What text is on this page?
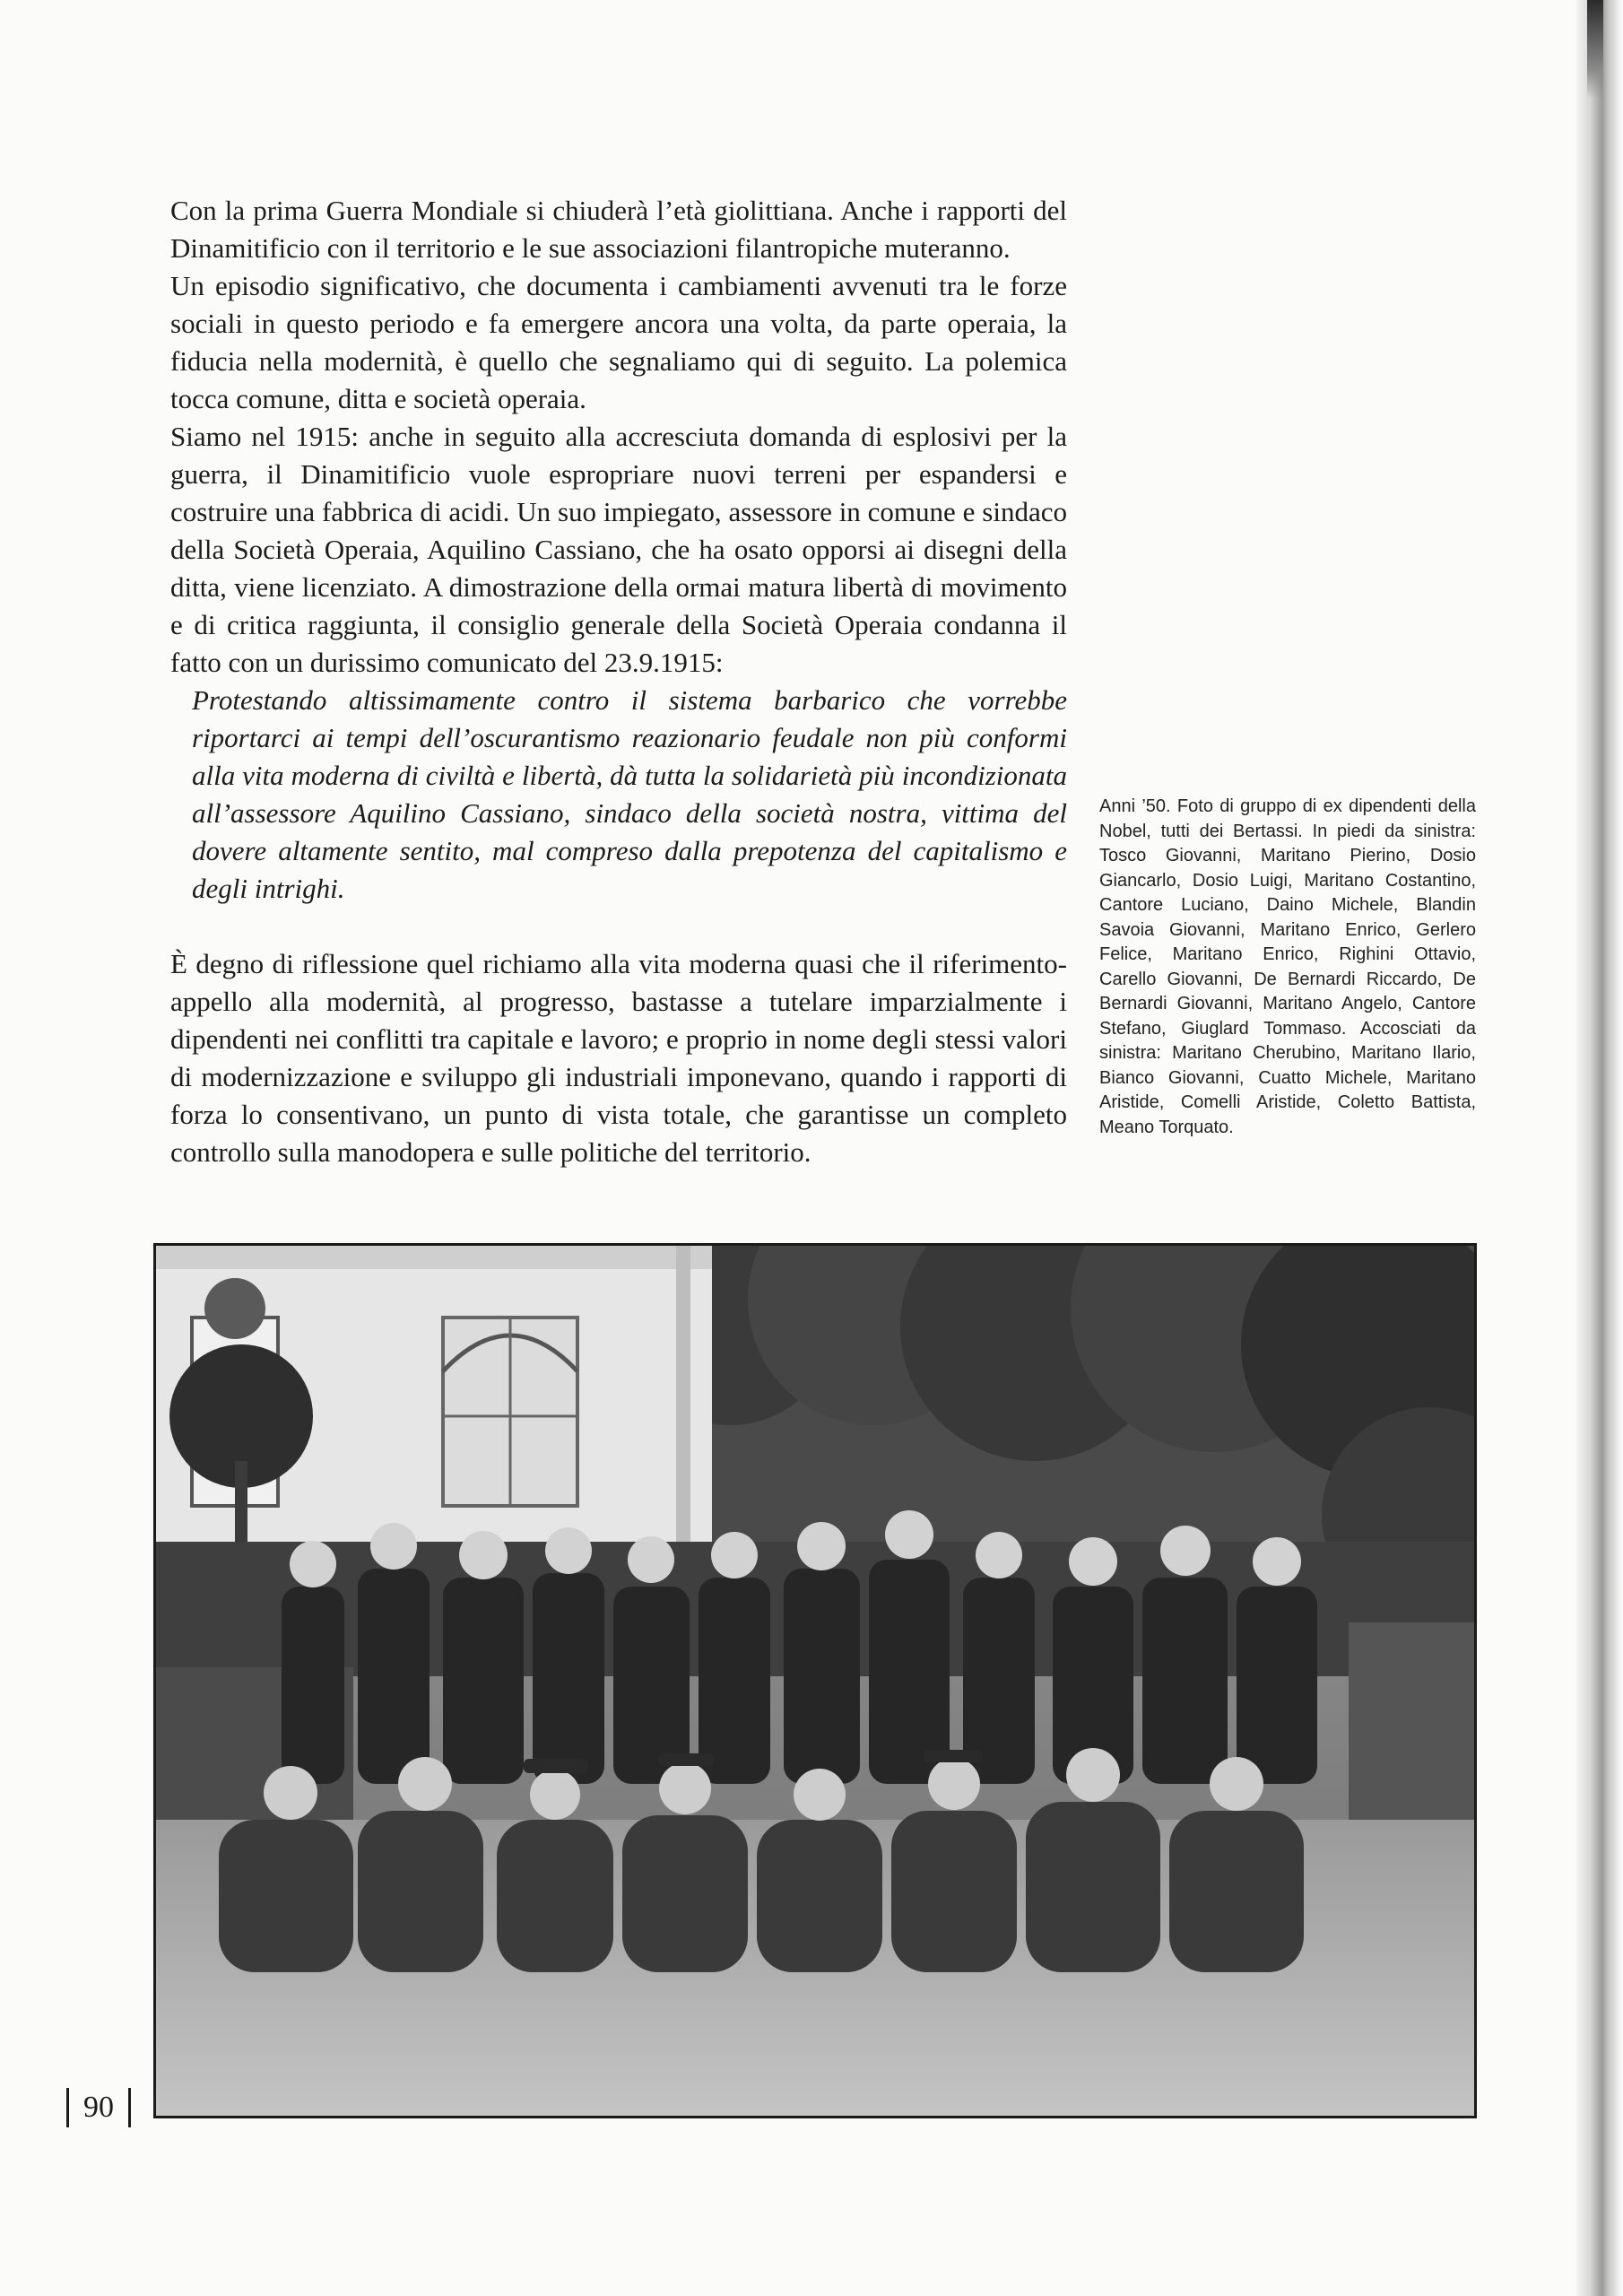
Con la prima Guerra Mondiale si chiuderà l’età giolittiana. Anche i rapporti del Dinamitificio con il territorio e le sue associazioni filantropiche muteranno.

Un episodio significativo, che documenta i cambiamenti avvenuti tra le forze sociali in questo periodo e fa emergere ancora una volta, da parte operaia, la fiducia nella modernità, è quello che segnaliamo qui di seguito. La polemica tocca comune, ditta e società operaia.

Siamo nel 1915: anche in seguito alla accresciuta domanda di esplosivi per la guerra, il Dinamitificio vuole espropriare nuovi terreni per espandersi e costruire una fabbrica di acidi. Un suo impiegato, assessore in comune e sindaco della Società Operaia, Aquilino Cassiano, che ha osato opporsi ai disegni della ditta, viene licenziato. A dimostrazione della ormai matura libertà di movimento e di critica raggiunta, il consiglio generale della Società Operaia condanna il fatto con un durissimo comunicato del 23.9.1915:

Protestando altissimamente contro il sistema barbarico che vorrebbe riportarci ai tempi dell’oscurantismo reazionario feudale non più conformi alla vita moderna di civiltà e libertà, dà tutta la solidarietà più incondizionata all’assessore Aquilino Cassiano, sindaco della società nostra, vittima del dovere altamente sentito, mal compreso dalla prepotenza del capitalismo e degli intrighi.

È degno di riflessione quel richiamo alla vita moderna quasi che il riferimento-appello alla modernità, al progresso, bastasse a tutelare imparzialmente i dipendenti nei conflitti tra capitale e lavoro; e proprio in nome degli stessi valori di modernizzazione e sviluppo gli industriali imponevano, quando i rapporti di forza lo consentivano, un punto di vista totale, che garantisse un completo controllo sulla manodopera e sulle politiche del territorio.

Anni ’50. Foto di gruppo di ex dipendenti della Nobel, tutti dei Bertassi. In piedi da sinistra: Tosco Giovanni, Maritano Pierino, Dosio Giancarlo, Dosio Luigi, Maritano Costantino, Cantore Luciano, Daino Michele, Blandin Savoia Giovanni, Maritano Enrico, Gerlero Felice, Maritano Enrico, Righini Ottavio, Carello Giovanni, De Bernardi Riccardo, De Bernardi Giovanni, Maritano Angelo, Cantore Stefano, Giuglard Tommaso. Accosciati da sinistra: Maritano Cherubino, Maritano Ilario, Bianco Giovanni, Cuatto Michele, Maritano Aristide, Comelli Aristide, Coletto Battista, Meano Torquato.

90
